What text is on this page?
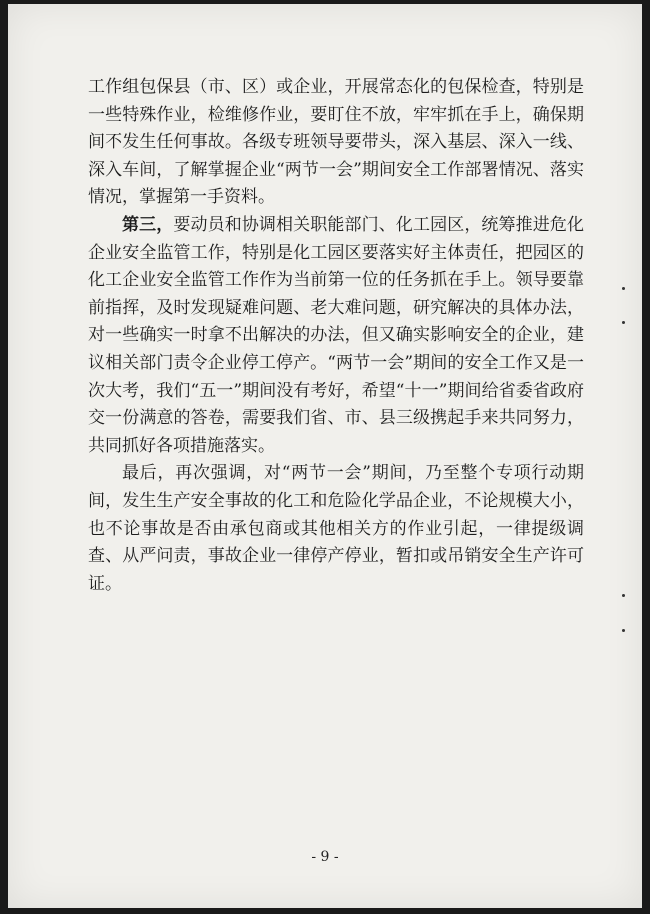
工作组包保县（市、区）或企业，开展常态化的包保检查，特别是一些特殊作业，检维修作业，要盯住不放，牢牢抓在手上，确保期间不发生任何事故。各级专班领导要带头，深入基层、深入一线、深入车间，了解掌握企业“两节一会”期间安全工作部署情况、落实情况，掌握第一手资料。

第三，要动员和协调相关职能部门、化工园区，统筹推进危化企业安全监管工作，特别是化工园区要落实好主体责任，把园区的化工企业安全监管工作作为当前第一位的任务抓在手上。领导要靠前指挥，及时发现疑难问题、老大难问题，研究解决的具体办法，对一些确实一时拿不出解决的办法，但又确实影响安全的企业，建议相关部门责令企业停工停产。“两节一会”期间的安全工作又是一次大考，我们“五一”期间没有考好，希望“十一”期间给省委省政府交一份满意的答卷，需要我们省、市、县三级携起手来共同努力，共同抓好各项措施落实。

最后，再次强调，对“两节一会”期间，乃至整个专项行动期间，发生生产安全事故的化工和危险化学品企业，不论规模大小，也不论事故是否由承包商或其他相关方的作业引起，一律提级调查、从严问责，事故企业一律停产停业，暂扣或吊销安全生产许可证。

- 9 -
